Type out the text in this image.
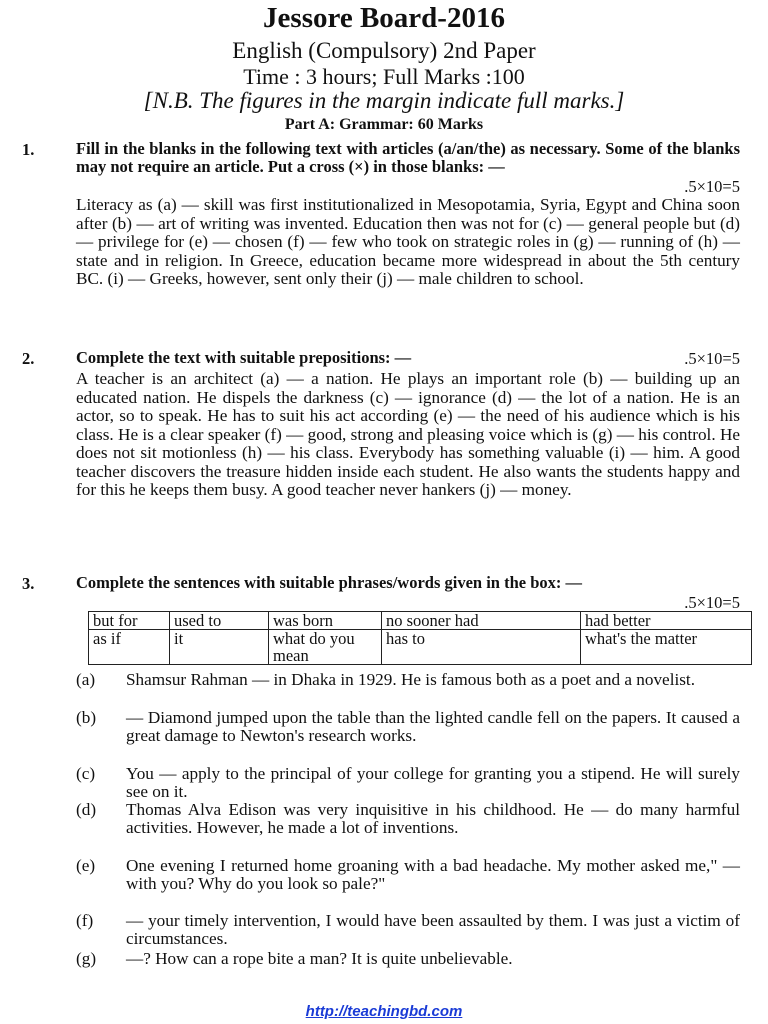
Jessore Board-2016
English (Compulsory) 2nd Paper
Time : 3 hours; Full Marks :100
[N.B. The figures in the margin indicate full marks.]
Part A: Grammar: 60 Marks
1.	Fill in the blanks in the following text with articles (a/an/the) as necessary. Some of the blanks may not require an article. Put a cross (×) in those blanks: —
.5×10=5
Literacy as (a) — skill was first institutionalized in Mesopotamia, Syria, Egypt and China soon after (b) — art of writing was invented. Education then was not for (c) — general people but (d) — privilege for (e) — chosen (f) — few who took on strategic roles in (g) — running of (h) — state and in religion. In Greece, education became more widespread in about the 5th century BC. (i) — Greeks, however, sent only their (j) — male children to school.
2.	Complete the text with suitable prepositions: —	.5×10=5
A teacher is an architect (a) — a nation. He plays an important role (b) — building up an educated nation. He dispels the darkness (c) — ignorance (d) — the lot of a nation. He is an actor, so to speak. He has to suit his act according (e) — the need of his audience which is his class. He is a clear speaker (f) — good, strong and pleasing voice which is (g) — his control. He does not sit motionless (h) — his class. Everybody has something valuable (i) — him. A good teacher discovers the treasure hidden inside each student. He also wants the students happy and for this he keeps them busy. A good teacher never hankers (j) — money.
3.	Complete the sentences with suitable phrases/words given in the box: —
.5×10=5
but for	used to	was born	no sooner had	had better
as if	it	what do you mean	has to	what's the matter
(a)	Shamsur Rahman — in Dhaka in 1929. He is famous both as a poet and a novelist.
(b)	— Diamond jumped upon the table than the lighted candle fell on the papers. It caused a great damage to Newton's research works.
(c)	You — apply to the principal of your college for granting you a stipend. He will surely see on it.
(d)	Thomas Alva Edison was very inquisitive in his childhood. He — do many harmful activities. However, he made a lot of inventions.
(e)	One evening I returned home groaning with a bad headache. My mother asked me," — with you? Why do you look so pale?"
(f)	— your timely intervention, I would have been assaulted by them. I was just a victim of circumstances.
(g)	—? How can a rope bite a man? It is quite unbelievable.
http://teachingbd.com
